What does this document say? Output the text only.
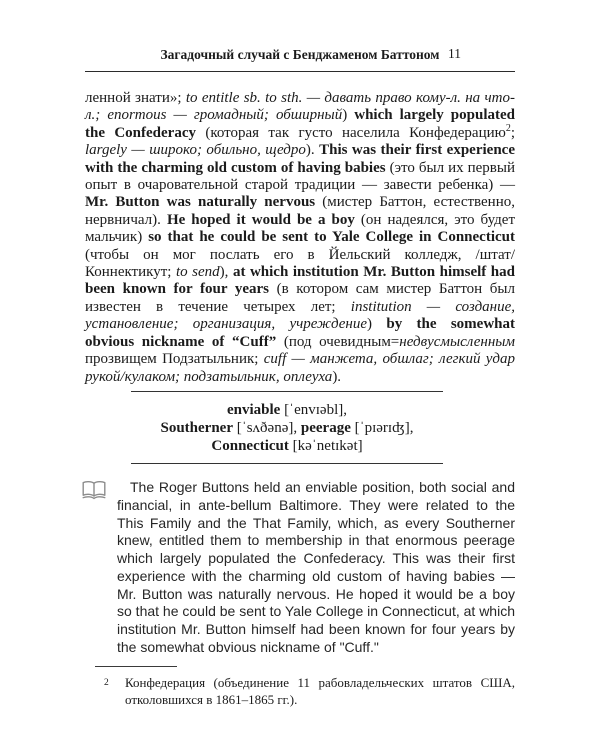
Загадочный случай с Бенджаменом Баттоном 11

ленной знати»; to entitle sb. to sth. — давать право кому-л. на что-л.; enormous — громадный; обширный) which largely populated the Confederacy (которая так густо населила Конфедерацию$^2$; largely — широко; обильно, щедро). This was their first experience with the charming old custom of having babies (это был их первый опыт в очаровательной старой традиции — завести ребенка) — Mr. Button was naturally nervous (мистер Баттон, естественно, нервничал). He hoped it would be a boy (он надеялся, это будет мальчик) so that he could be sent to Yale College in Connecticut (чтобы он мог послать его в Йельский колледж, /штат/ Коннектикут; to send), at which institution Mr. Button himself had been known for four years (в котором сам мистер Баттон был известен в течение четырех лет; institution — создание, установление; организация, учреждение) by the somewhat obvious nickname of “Cuff” (под очевидным=недвусмысленным прозвищем Подзатыльник; cuff — манжета, обшлаг; легкий удар рукой/кулаком; подзатыльник, оплеуха).

enviable [ˈenvɪəbl],
Southerner [ˈsʌðənə], peerage [ˈpɪərɪʤ],
Connecticut [kəˈnetɪkət]

The Roger Buttons held an enviable position, both social and financial, in ante-bellum Baltimore. They were related to the This Family and the That Family, which, as every Southerner knew, entitled them to membership in that enormous peerage which largely populated the Confederacy. This was their first experience with the charming old custom of having babies — Mr. Button was naturally nervous. He hoped it would be a boy so that he could be sent to Yale College in Connecticut, at which institution Mr. Button himself had been known for four years by the somewhat obvious nickname of "Cuff."

2 Конфедерация (объединение 11 рабовладельческих штатов США, отколовшихся в 1861–1865 гг.).
